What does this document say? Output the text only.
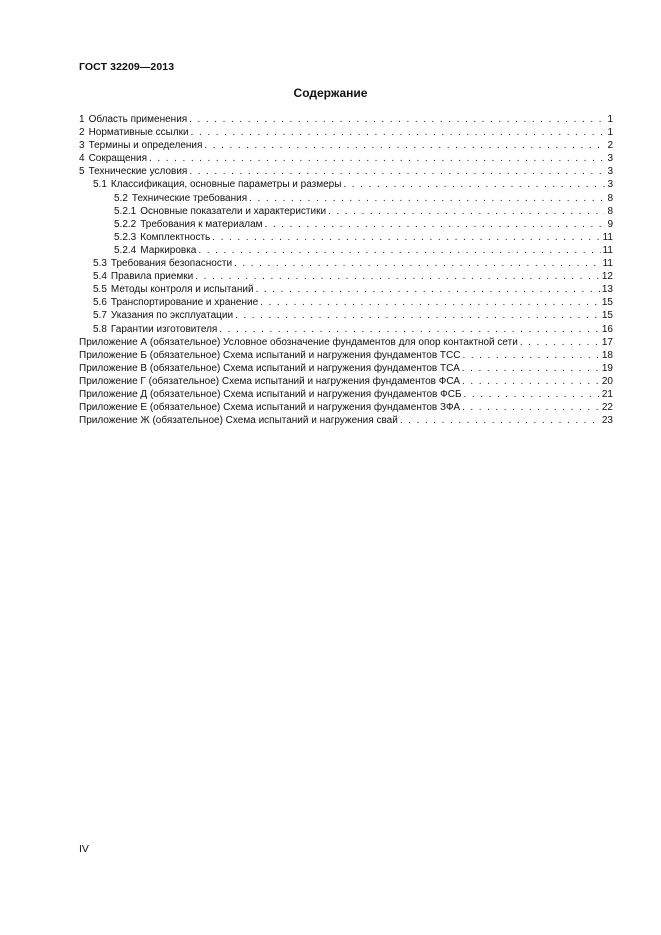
ГОСТ 32209—2013
Содержание
1 Область применения . . .	1
2 Нормативные ссылки . . .	1
3 Термины и определения . . .	2
4 Сокращения . . .	3
5 Технические условия . . .	3
5.1 Классификация, основные параметры и размеры . . .	3
5.2 Технические требования . . .	8
5.2.1 Основные показатели и характеристики . . .	8
5.2.2 Требования к материалам . . .	9
5.2.3 Комплектность . . .	11
5.2.4 Маркировка . . .	11
5.3 Требования безопасности . . .	11
5.4 Правила приемки . . .	12
5.5 Методы контроля и испытаний . . .	13
5.6 Транспортирование и хранение . . .	15
5.7 Указания по эксплуатации . . .	15
5.8 Гарантии изготовителя . . .	16
Приложение А (обязательное) Условное обозначение фундаментов для опор контактной сети . . .	17
Приложение Б (обязательное) Схема испытаний и нагружения фундаментов ТСС . . .	18
Приложение В (обязательное) Схема испытаний и нагружения фундаментов ТСА . . .	19
Приложение Г (обязательное) Схема испытаний и нагружения фундаментов ФСА . . .	20
Приложение Д (обязательное) Схема испытаний и нагружения фундаментов ФСБ . . .	21
Приложение Е (обязательное) Схема испытаний и нагружения фундаментов ЗФА . . .	22
Приложение Ж (обязательное) Схема испытаний и нагружения свай . . .	23
IV
